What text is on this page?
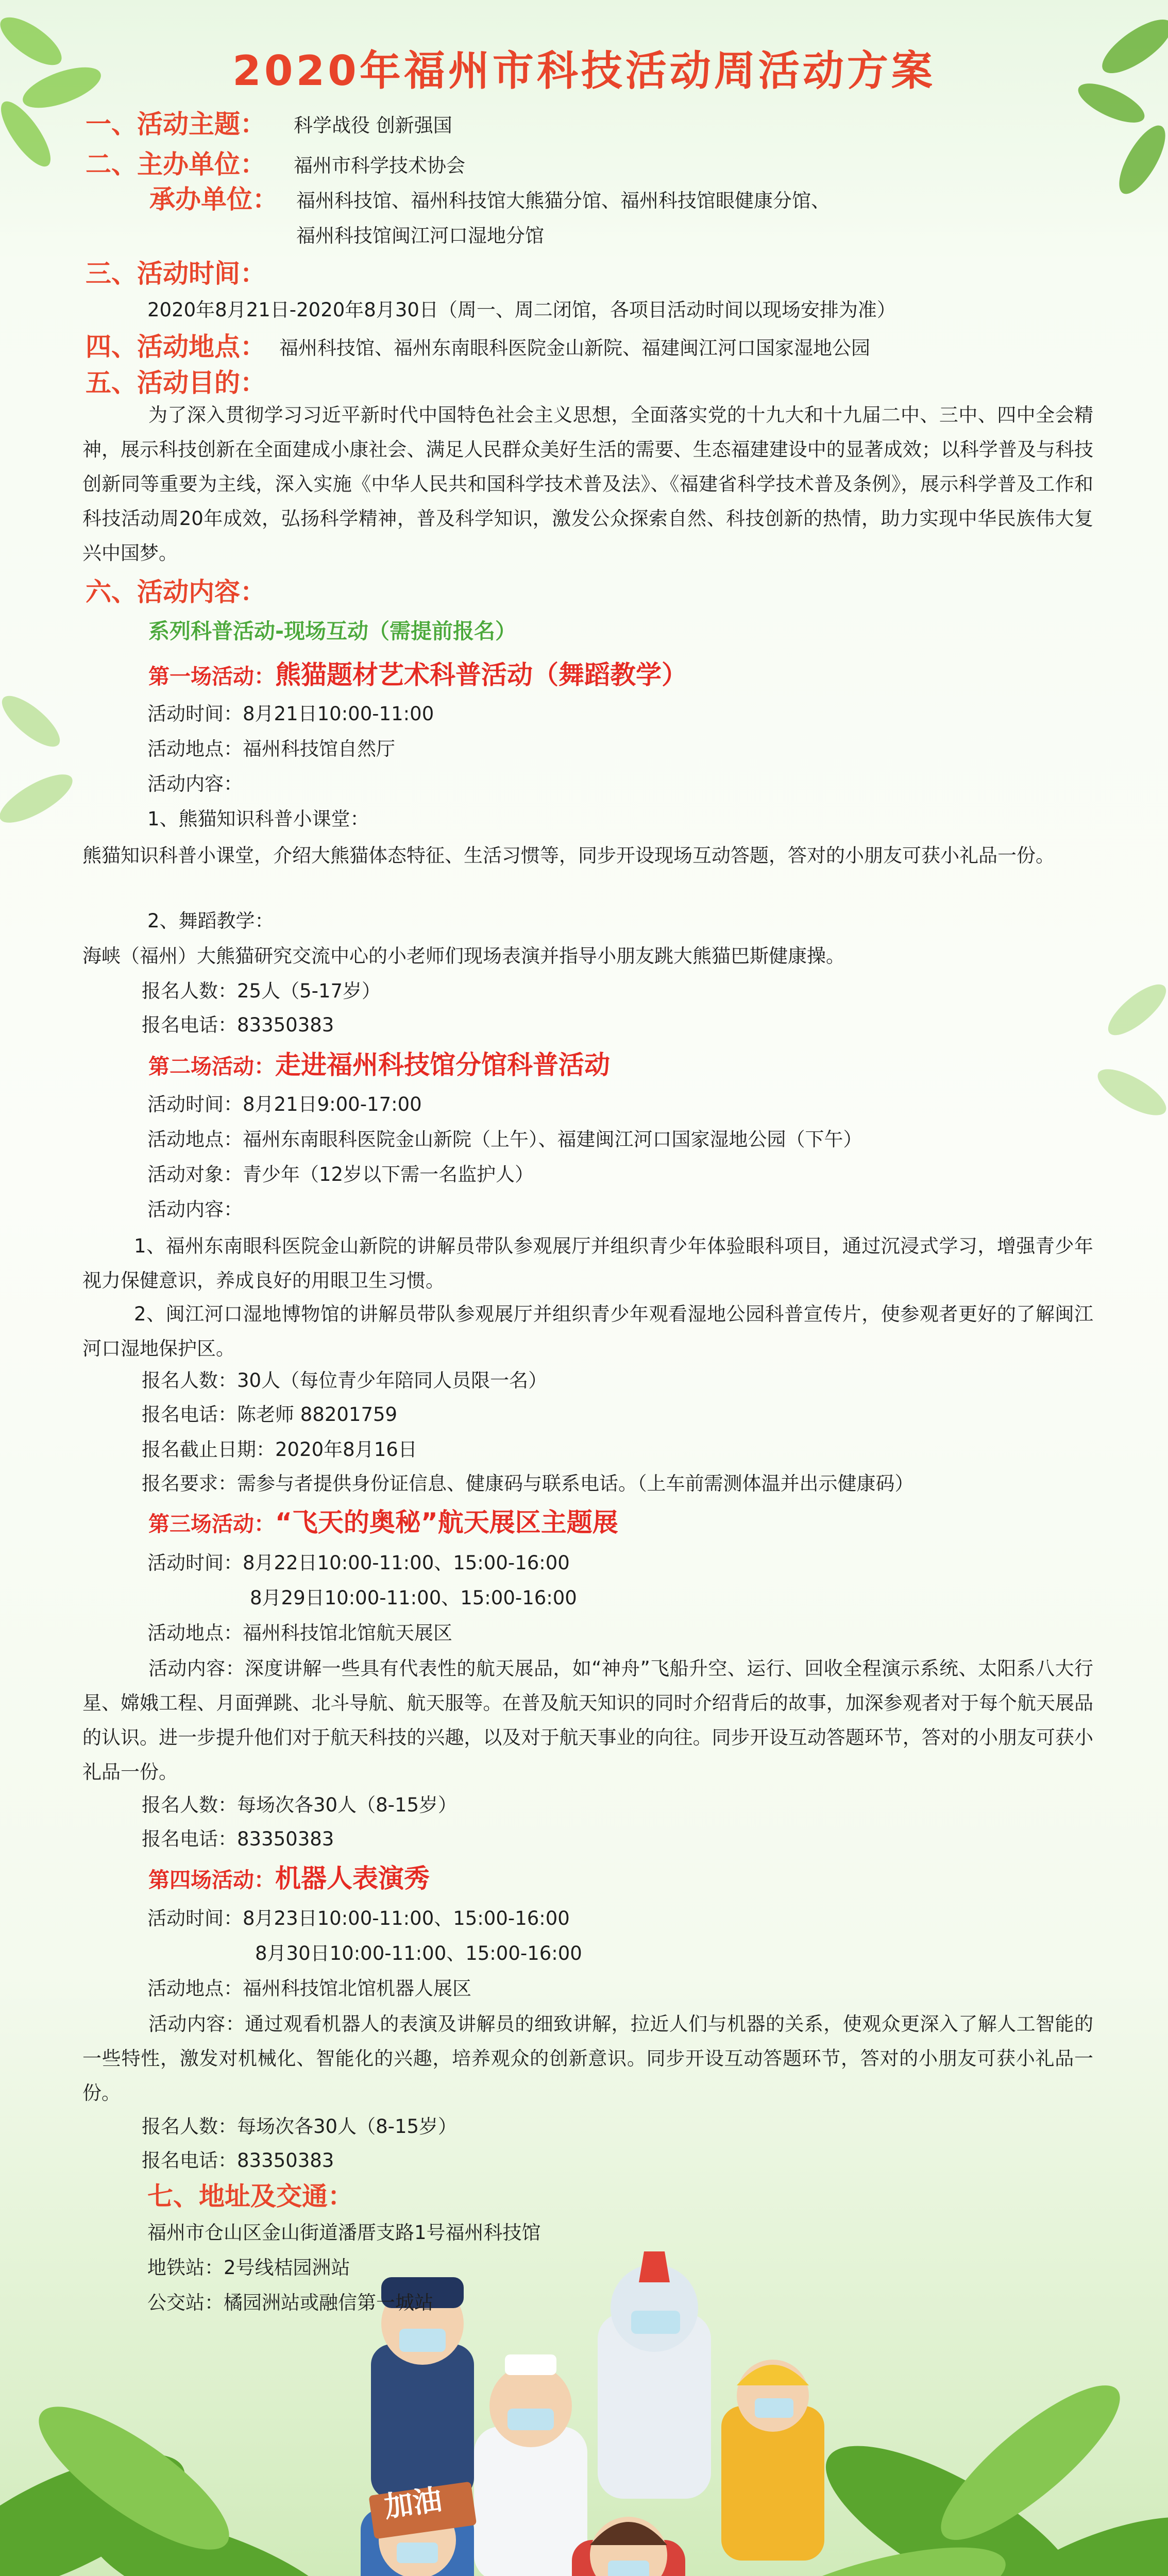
加油
2020年福州市科技活动周活动方案
一、活动主题： 科学战役 创新强国
二、主办单位： 福州市科学技术协会
承办单位： 福州科技馆、福州科技馆大熊猫分馆、福州科技馆眼健康分馆、
福州科技馆闽江河口湿地分馆
三、活动时间：
2020年8月21日-2020年8月30日（周一、周二闭馆，各项目活动时间以现场安排为准）
四、活动地点： 福州科技馆、福州东南眼科医院金山新院、福建闽江河口国家湿地公园
五、活动目的：
为了深入贯彻学习习近平新时代中国特色社会主义思想，全面落实党的十九大和十九届二中、三中、四中全会精神，展示科技创新在全面建成小康社会、满足人民群众美好生活的需要、生态福建建设中的显著成效；以科学普及与科技创新同等重要为主线，深入实施《中华人民共和国科学技术普及法》、《福建省科学技术普及条例》，展示科学普及工作和科技活动周20年成效，弘扬科学精神，普及科学知识，激发公众探索自然、科技创新的热情，助力实现中华民族伟大复兴中国梦。
六、活动内容：
系列科普活动-现场互动（需提前报名）
第一场活动：熊猫题材艺术科普活动（舞蹈教学）
活动时间：8月21日10:00-11:00
活动地点：福州科技馆自然厅
活动内容：
1、熊猫知识科普小课堂：
熊猫知识科普小课堂，介绍大熊猫体态特征、生活习惯等，同步开设现场互动答题，答对的小朋友可获小礼品一份。
2、舞蹈教学：
海峡（福州）大熊猫研究交流中心的小老师们现场表演并指导小朋友跳大熊猫巴斯健康操。
报名人数：25人（5-17岁）
报名电话：83350383
第二场活动：走进福州科技馆分馆科普活动
活动时间：8月21日9:00-17:00
活动地点：福州东南眼科医院金山新院（上午）、福建闽江河口国家湿地公园（下午）
活动对象：青少年（12岁以下需一名监护人）
活动内容：
1、福州东南眼科医院金山新院的讲解员带队参观展厅并组织青少年体验眼科项目，通过沉浸式学习，增强青少年视力保健意识，养成良好的用眼卫生习惯。
2、闽江河口湿地博物馆的讲解员带队参观展厅并组织青少年观看湿地公园科普宣传片，使参观者更好的了解闽江河口湿地保护区。
报名人数：30人（每位青少年陪同人员限一名）
报名电话：陈老师 88201759
报名截止日期：2020年8月16日
报名要求：需参与者提供身份证信息、健康码与联系电话。（上车前需测体温并出示健康码）
第三场活动：“飞天的奥秘”航天展区主题展
活动时间：8月22日10:00-11:00、15:00-16:00
8月29日10:00-11:00、15:00-16:00
活动地点：福州科技馆北馆航天展区
活动内容：深度讲解一些具有代表性的航天展品，如“神舟”飞船升空、运行、回收全程演示系统、太阳系八大行星、嫦娥工程、月面弹跳、北斗导航、航天服等。在普及航天知识的同时介绍背后的故事，加深参观者对于每个航天展品的认识。进一步提升他们对于航天科技的兴趣，以及对于航天事业的向往。同步开设互动答题环节，答对的小朋友可获小礼品一份。
报名人数：每场次各30人（8-15岁）
报名电话：83350383
第四场活动：机器人表演秀
活动时间：8月23日10:00-11:00、15:00-16:00
8月30日10:00-11:00、15:00-16:00
活动地点：福州科技馆北馆机器人展区
活动内容：通过观看机器人的表演及讲解员的细致讲解，拉近人们与机器的关系，使观众更深入了解人工智能的一些特性，激发对机械化、智能化的兴趣，培养观众的创新意识。同步开设互动答题环节，答对的小朋友可获小礼品一份。
报名人数：每场次各30人（8-15岁）
报名电话：83350383
七、地址及交通：
福州市仓山区金山街道潘厝支路1号福州科技馆
地铁站：2号线桔园洲站
公交站：橘园洲站或融信第一城站
